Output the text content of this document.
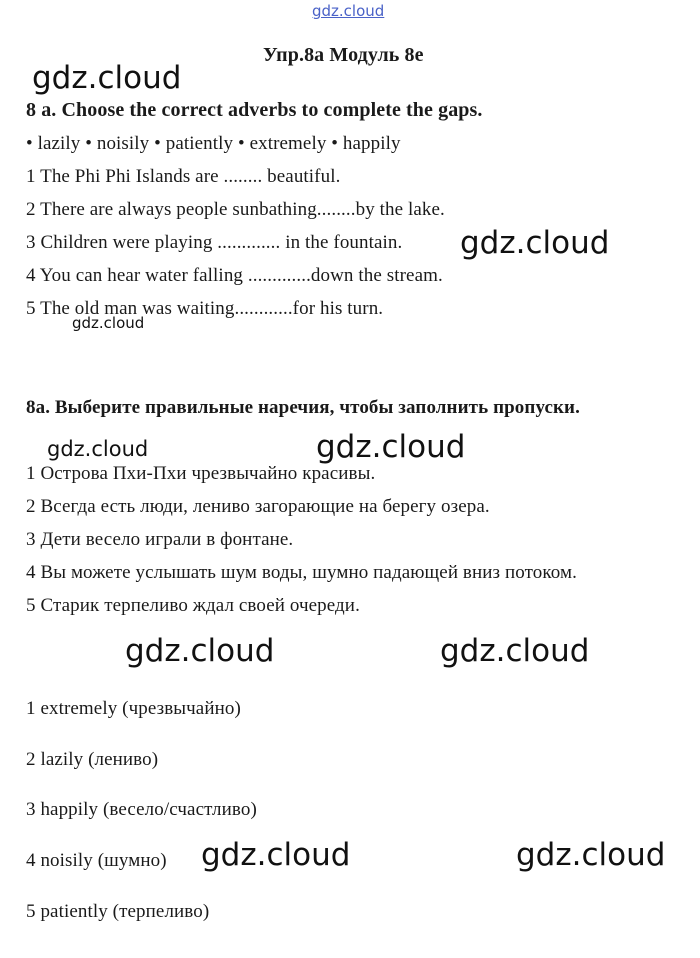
gdz.cloud
Упр.8а Модуль 8е
gdz.cloud
gdz.cloud
gdz.cloud
gdz.cloud	gdz.cloud
gdz.cloud	gdz.cloud
gdz.cloud	gdz.cloud
8 a. Choose the correct adverbs to complete the gaps.
• lazily • noisily • patiently • extremely • happily
1 The Phi Phi Islands are ........ beautiful.
2 There are always people sunbathing........by the lake.
3 Children were playing ............. in the fountain.
4 You can hear water falling .............down the stream.
5 The old man was waiting............for his turn.
8a. Выберите правильные наречия, чтобы заполнить пропуски.
1 Острова Пхи-Пхи чрезвычайно красивы.
2 Всегда есть люди, лениво загорающие на берегу озера.
3 Дети весело играли в фонтане.
4 Вы можете услышать шум воды, шумно падающей вниз потоком.
5 Старик терпеливо ждал своей очереди.
1 extremely (чрезвычайно)
2 lazily (лениво)
3 happily (весело/счастливо)
4 noisily (шумно)
5 patiently (терпеливо)
